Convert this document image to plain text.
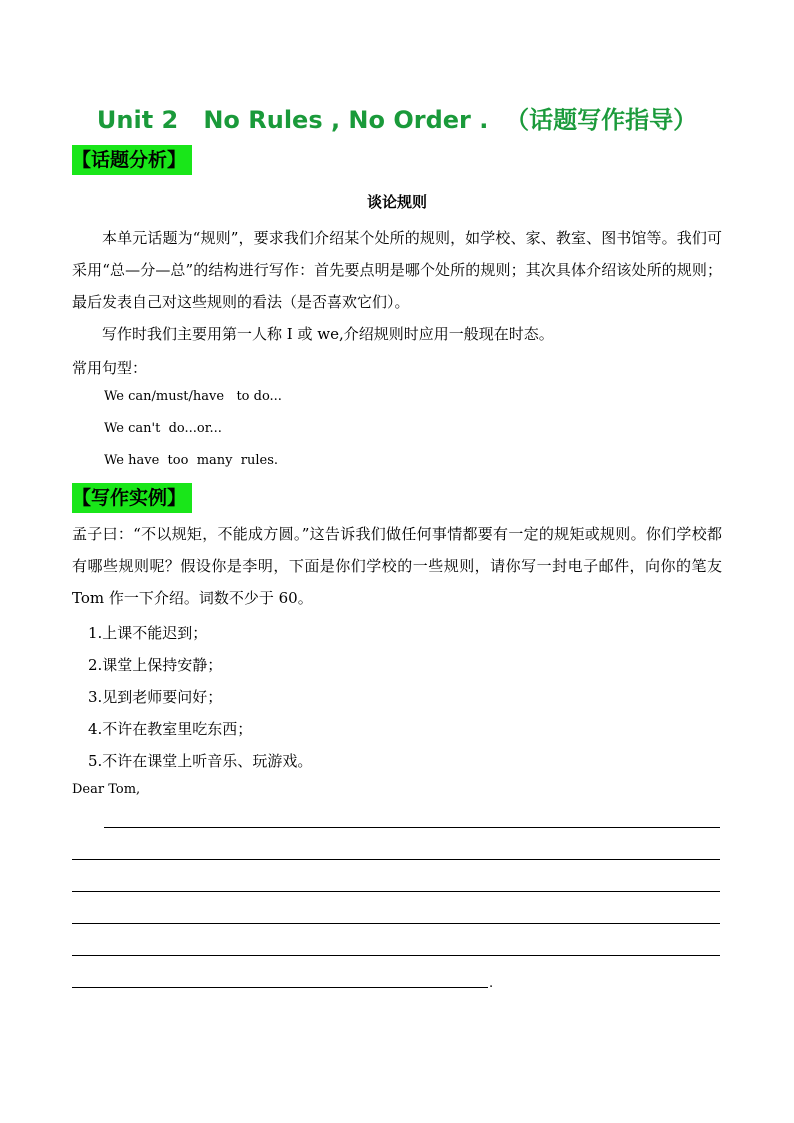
Unit 2   No Rules , No Order .  （话题写作指导）
【话题分析】
谈论规则
本单元话题为“规则”，要求我们介绍某个处所的规则，如学校、家、教室、图书馆等。我们可采用“总—分—总”的结构进行写作：首先要点明是哪个处所的规则；其次具体介绍该处所的规则；最后发表自己对这些规则的看法（是否喜欢它们）。
写作时我们主要用第一人称 I 或 we,介绍规则时应用一般现在时态。
常用句型：
We can/must/have   to do...
We can't  do...or...
We have  too  many  rules.
【写作实例】
孟子曰：“不以规矩，不能成方圆。”这告诉我们做任何事情都要有一定的规矩或规则。你们学校都有哪些规则呢？假设你是李明，下面是你们学校的一些规则，请你写一封电子邮件，向你的笔友 Tom 作一下介绍。词数不少于 60。
1.上课不能迟到；
2.课堂上保持安静；
3.见到老师要问好；
4.不许在教室里吃东西；
5.不许在课堂上听音乐、玩游戏。
Dear Tom,
.
